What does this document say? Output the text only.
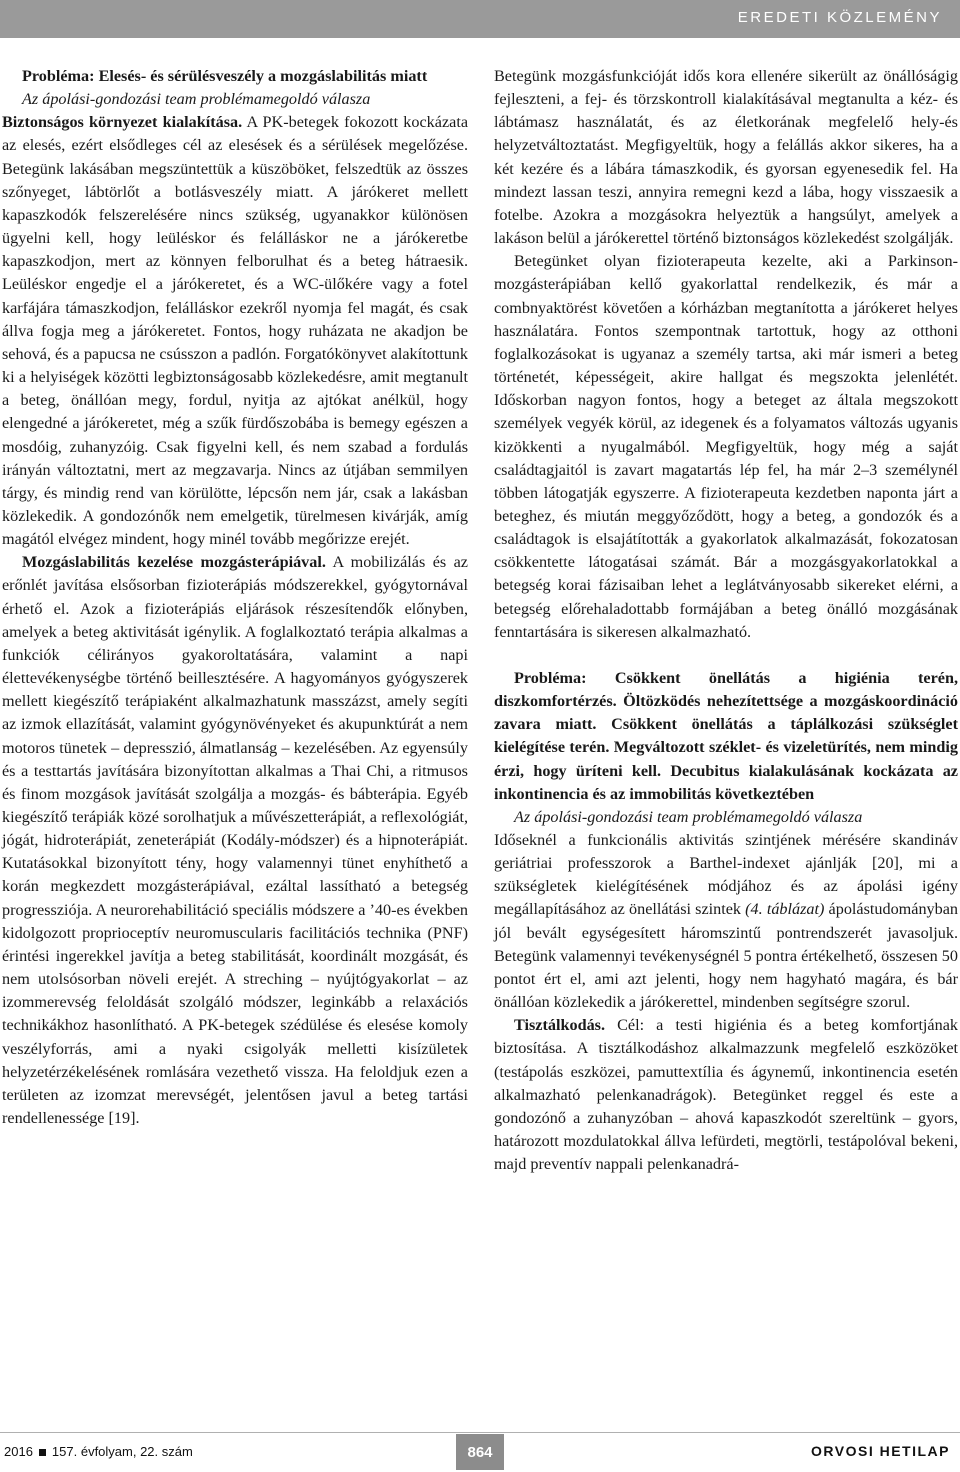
EREDETI KÖZLEMÉNY

Probléma: Elesés- és sérülésveszély a mozgáslabilitás miatt

Az ápolási-gondozási team problémamegoldó válasza

Biztonságos környezet kialakítása. A PK-betegek fokozott kockázata az elesés, ezért elsődleges cél az elesések és a sérülések megelőzése. Betegünk lakásában megszüntettük a küszöböket, felszedtük az összes szőnyeget, lábtörlőt a botlásveszély miatt. A járókeret mellett kapaszkodók felszerelésére nincs szükség, ugyanakkor különösen ügyelni kell, hogy leüléskor és felálláskor ne a járókeretbe kapaszkodjon, mert az könnyen felborulhat és a beteg hátraesik. Leüléskor engedje el a járókeretet, és a WC-ülőkére vagy a fotel karfájára támaszkodjon, felálláskor ezekről nyomja fel magát, és csak állva fogja meg a járókeretet. Fontos, hogy ruházata ne akadjon be sehová, és a papucsa ne csússzon a padlón. Forgatókönyvet alakítottunk ki a helyiségek közötti legbiztonságosabb közlekedésre, amit megtanult a beteg, önállóan megy, fordul, nyitja az ajtókat anélkül, hogy elengedné a járókeretet, még a szűk fürdőszobába is bemegy egészen a mosdóig, zuhanyzóig. Csak figyelni kell, és nem szabad a fordulás irányán változtatni, mert az megzavarja. Nincs az útjában semmilyen tárgy, és mindig rend van körülötte, lépcsőn nem jár, csak a lakásban közlekedik. A gondozónők nem emelgetik, türelmesen kivárják, amíg magától elvégez mindent, hogy minél tovább megőrizze erejét.

Mozgáslabilitás kezelése mozgásterápiával. A mobilizálás és az erőnlét javítása elsősorban fizioterápiás módszerekkel, gyógytornával érhető el. Azok a fizioterápiás eljárások részesítendők előnyben, amelyek a beteg aktivitását igénylik. A foglalkoztató terápia alkalmas a funkciók célirányos gyakoroltatására, valamint a napi élettevékenységbe történő beillesztésére. A hagyományos gyógyszerek mellett kiegészítő terápiaként alkalmazhatunk masszázst, amely segíti az izmok ellazítását, valamint gyógynövényeket és akupunktúrát a nem motoros tünetek – depresszió, álmatlanság – kezelésében. Az egyensúly és a testtartás javítására bizonyítottan alkalmas a Thai Chi, a ritmusos és finom mozgások javítását szolgálja a mozgás- és bábterápia. Egyéb kiegészítő terápiák közé sorolhatjuk a művészetterápiát, a reflexológiát, jógát, hidroterápiát, zeneterápiát (Kodály-módszer) és a hipnoterápiát. Kutatásokkal bizonyított tény, hogy valamennyi tünet enyhíthető a korán megkezdett mozgásterápiával, ezáltal lassítható a betegség progressziója. A neurorehabilitáció speciális módszere a ’40-es években kidolgozott proprioceptív neuromuscularis facilitációs technika (PNF) érintési ingerekkel javítja a beteg stabilitását, koordinált mozgását, és nem utolsósorban növeli erejét. A streching – nyújtógyakorlat – az izommerevség feloldását szolgáló módszer, leginkább a relaxációs technikákhoz hasonlítható. A PK-betegek szédülése és elesése komoly veszélyforrás, ami a nyaki csigolyák melletti kisízületek helyzetérzékelésének romlására vezethető vissza. Ha feloldjuk ezen a területen az izomzat merevségét, jelentősen javul a beteg tartási rendellenessége [19].

Betegünk mozgásfunkcióját idős kora ellenére sikerült az önállóságig fejleszteni, a fej- és törzskontroll kialakításával megtanulta a kéz- és lábtámasz használatát, és az életkorának megfelelő hely-és helyzetváltoztatást. Megfigyeltük, hogy a felállás akkor sikeres, ha a két kezére és a lábára támaszkodik, és gyorsan egyenesedik fel. Ha mindezt lassan teszi, annyira remegni kezd a lába, hogy visszaesik a fotelbe. Azokra a mozgásokra helyeztük a hangsúlyt, amelyek a lakáson belül a járókerettel történő biztonságos közlekedést szolgálják.

Betegünket olyan fizioterapeuta kezelte, aki a Parkinson-mozgásterápiában kellő gyakorlattal rendelkezik, és már a combnyaktörést követően a kórházban megtanította a járókeret helyes használatára. Fontos szempontnak tartottuk, hogy az otthoni foglalkozásokat is ugyanaz a személy tartsa, aki már ismeri a beteg történetét, képességeit, akire hallgat és megszokta jelenlétét. Időskorban nagyon fontos, hogy a beteget az általa megszokott személyek vegyék körül, az idegenek és a folyamatos változás ugyanis kizökkenti a nyugalmából. Megfigyeltük, hogy még a saját családtagjaitól is zavart magatartás lép fel, ha már 2–3 személynél többen látogatják egyszerre. A fizioterapeuta kezdetben naponta járt a beteghez, és miután meggyőződött, hogy a beteg, a gondozók és a családtagok is elsajátították a gyakorlatok alkalmazását, fokozatosan csökkentette látogatásai számát. Bár a mozgásgyakorlatokkal a betegség korai fázisaiban lehet a leglátványosabb sikereket elérni, a betegség előrehaladottabb formájában a beteg önálló mozgásának fenntartására is sikeresen alkalmazható.

Probléma: Csökkent önellátás a higiénia terén, diszkomfortérzés. Öltözködés nehezítettsége a mozgáskoordináció zavara miatt. Csökkent önellátás a táplálkozási szükséglet kielégítése terén. Megváltozott széklet- és vizeletürítés, nem mindig érzi, hogy üríteni kell. Decubitus kialakulásának kockázata az inkontinencia és az immobilitás következtében

Az ápolási-gondozási team problémamegoldó válasza

Időseknél a funkcionális aktivitás szintjének mérésére skandináv geriátriai professzorok a Barthel-indexet ajánlják [20], mi a szükségletek kielégítésének módjához és az ápolási igény megállapításához az önellátási szintek (4. táblázat) ápolástudományban jól bevált egységesített háromszintű pontrendszerét javasoljuk. Betegünk valamennyi tevékenységnél 5 pontra értékelhető, összesen 50 pontot ért el, ami azt jelenti, hogy nem hagyható magára, és bár önállóan közlekedik a járókerettel, mindenben segítségre szorul.

Tisztálkodás. Cél: a testi higiénia és a beteg komfortjának biztosítása. A tisztálkodáshoz alkalmazzunk megfelelő eszközöket (testápolás eszközei, pamuttextília és ágynemű, inkontinencia esetén alkalmazható pelenkanadrágok). Betegünket reggel és este a gondozónő a zuhanyzóban – ahová kapaszkodót szereltünk – gyors, határozott mozdulatokkal állva lefürdeti, megtörli, testápolóval bekeni, majd preventív nappali pelenkanadrá-

2016 157. évfolyam, 22. szám	864	ORVOSI HETILAP
